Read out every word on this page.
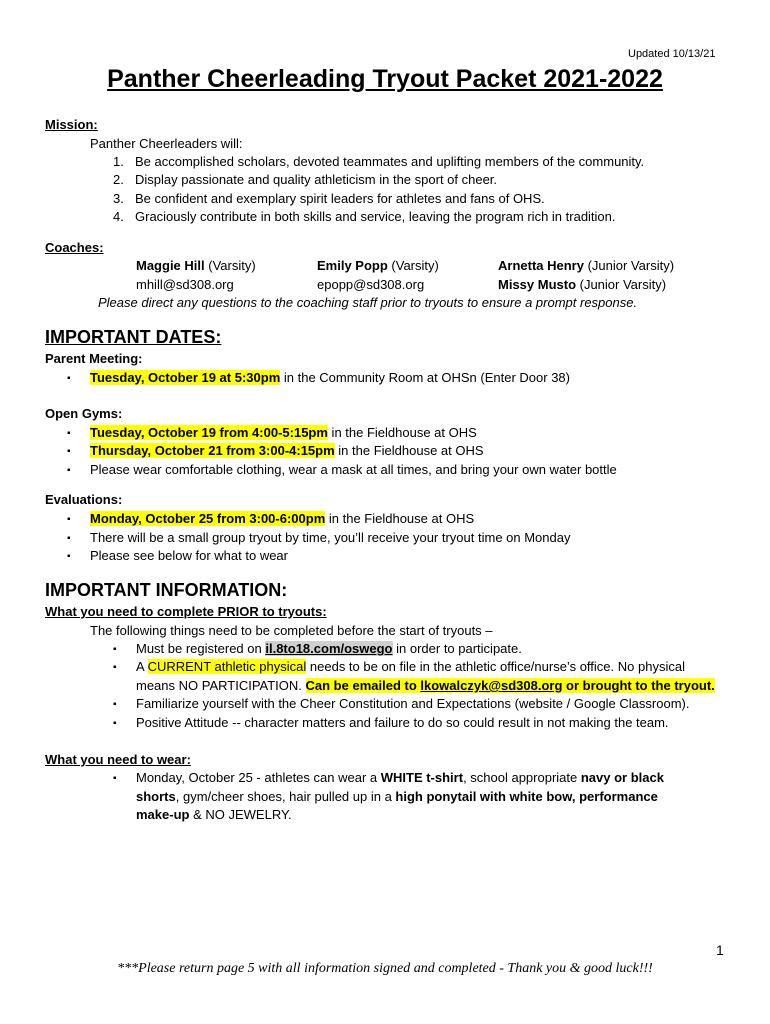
Updated 10/13/21
Panther Cheerleading Tryout Packet 2021-2022
Mission:
Panther Cheerleaders will:
1. Be accomplished scholars, devoted teammates and uplifting members of the community.
2. Display passionate and quality athleticism in the sport of cheer.
3. Be confident and exemplary spirit leaders for athletes and fans of OHS.
4. Graciously contribute in both skills and service, leaving the program rich in tradition.
Coaches:
Maggie Hill (Varsity)
mhill@sd308.org
Emily Popp (Varsity)
epopp@sd308.org
Arnetta Henry (Junior Varsity)
Missy Musto (Junior Varsity)
Please direct any questions to the coaching staff prior to tryouts to ensure a prompt response.
IMPORTANT DATES:
Parent Meeting:
▪ Tuesday, October 19 at 5:30pm in the Community Room at OHSn (Enter Door 38)
Open Gyms:
▪ Tuesday, October 19 from 4:00-5:15pm in the Fieldhouse at OHS
▪ Thursday, October 21 from 3:00-4:15pm in the Fieldhouse at OHS
▪ Please wear comfortable clothing, wear a mask at all times, and bring your own water bottle
Evaluations:
▪ Monday, October 25 from 3:00-6:00pm in the Fieldhouse at OHS
▪ There will be a small group tryout by time, you’ll receive your tryout time on Monday
▪ Please see below for what to wear
IMPORTANT INFORMATION:
What you need to complete PRIOR to tryouts:
The following things need to be completed before the start of tryouts –
▪ Must be registered on il.8to18.com/oswego in order to participate.
▪ A CURRENT athletic physical needs to be on file in the athletic office/nurse’s office. No physical
means NO PARTICIPATION. Can be emailed to lkowalczyk@sd308.org or brought to the tryout.
▪ Familiarize yourself with the Cheer Constitution and Expectations (website / Google Classroom).
▪ Positive Attitude -- character matters and failure to do so could result in not making the team.
What you need to wear:
▪ Monday, October 25 - athletes can wear a WHITE t-shirt, school appropriate navy or black
shorts, gym/cheer shoes, hair pulled up in a high ponytail with white bow, performance
make-up & NO JEWELRY.
1
***Please return page 5 with all information signed and completed - Thank you & good luck!!!
